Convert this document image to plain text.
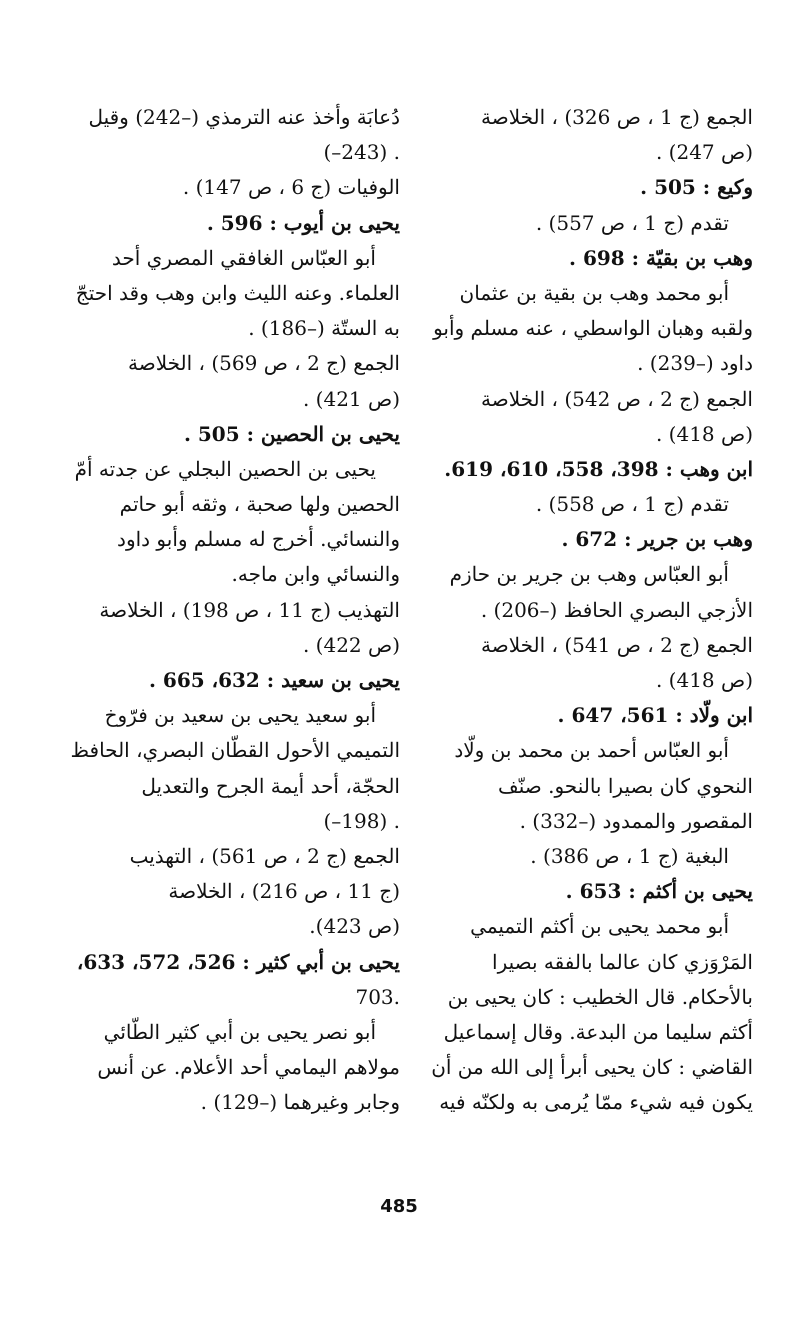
الجمع (ج 1 ، ص 326) ، الخلاصة
(ص 247) .
وكيع : 505 .
تقدم (ج 1 ، ص 557) .
وهب بن بقيّة : 698 .
أبو محمد وهب بن بقية بن عثمان
ولقبه وهبان الواسطي ، عنه مسلم وأبو
داود (–239) .
الجمع (ج 2 ، ص 542) ، الخلاصة
(ص 418) .
ابن وهب : 398، 558، 610، 619.
تقدم (ج 1 ، ص 558) .
وهب بن جرير : 672 .
أبو العبّاس وهب بن جرير بن حازم
الأزجي البصري الحافظ (–206) .
الجمع (ج 2 ، ص 541) ، الخلاصة
(ص 418) .
ابن ولّاد : 561، 647 .
أبو العبّاس أحمد بن محمد بن ولّاد
النحوي كان بصيرا بالنحو. صنّف
المقصور والممدود (–332) .
البغية (ج 1 ، ص 386) .
يحيى بن أكثم : 653 .
أبو محمد يحيى بن أكثم التميمي
المَرْوَزي كان عالما بالفقه بصيرا
بالأحكام. قال الخطيب : كان يحيى بن
أكثم سليما من البدعة. وقال إسماعيل
القاضي : كان يحيى أبرأ إلى الله من أن
يكون فيه شيء ممّا يُرمى به ولكنّه فيه
دُعابَة وأخذ عنه الترمذي (–242) وقيل
(–243) .
الوفيات (ج 6 ، ص 147) .
يحيى بن أيوب : 596 .
أبو العبّاس الغافقي المصري أحد
العلماء. وعنه الليث وابن وهب وقد احتجّ
به الستّة (–186) .
الجمع (ج 2 ، ص 569) ، الخلاصة
(ص 421) .
يحيى بن الحصين : 505 .
يحيى بن الحصين البجلي عن جدته أمّ
الحصين ولها صحبة ، وثقه أبو حاتم
والنسائي. أخرج له مسلم وأبو داود
والنسائي وابن ماجه.
التهذيب (ج 11 ، ص 198) ، الخلاصة
(ص 422) .
يحيى بن سعيد : 632، 665 .
أبو سعيد يحيى بن سعيد بن فرّوخ
التميمي الأحول القطّان البصري، الحافظ
الحجّة، أحد أيمة الجرح والتعديل
(–198) .
الجمع (ج 2 ، ص 561) ، التهذيب
(ج 11 ، ص 216) ، الخلاصة
(ص 423).
يحيى بن أبي كثير : 526، 572، 633،
703.
أبو نصر يحيى بن أبي كثير الطّائي
مولاهم اليمامي أحد الأعلام. عن أنس
وجابر وغيرهما (–129) .
485
